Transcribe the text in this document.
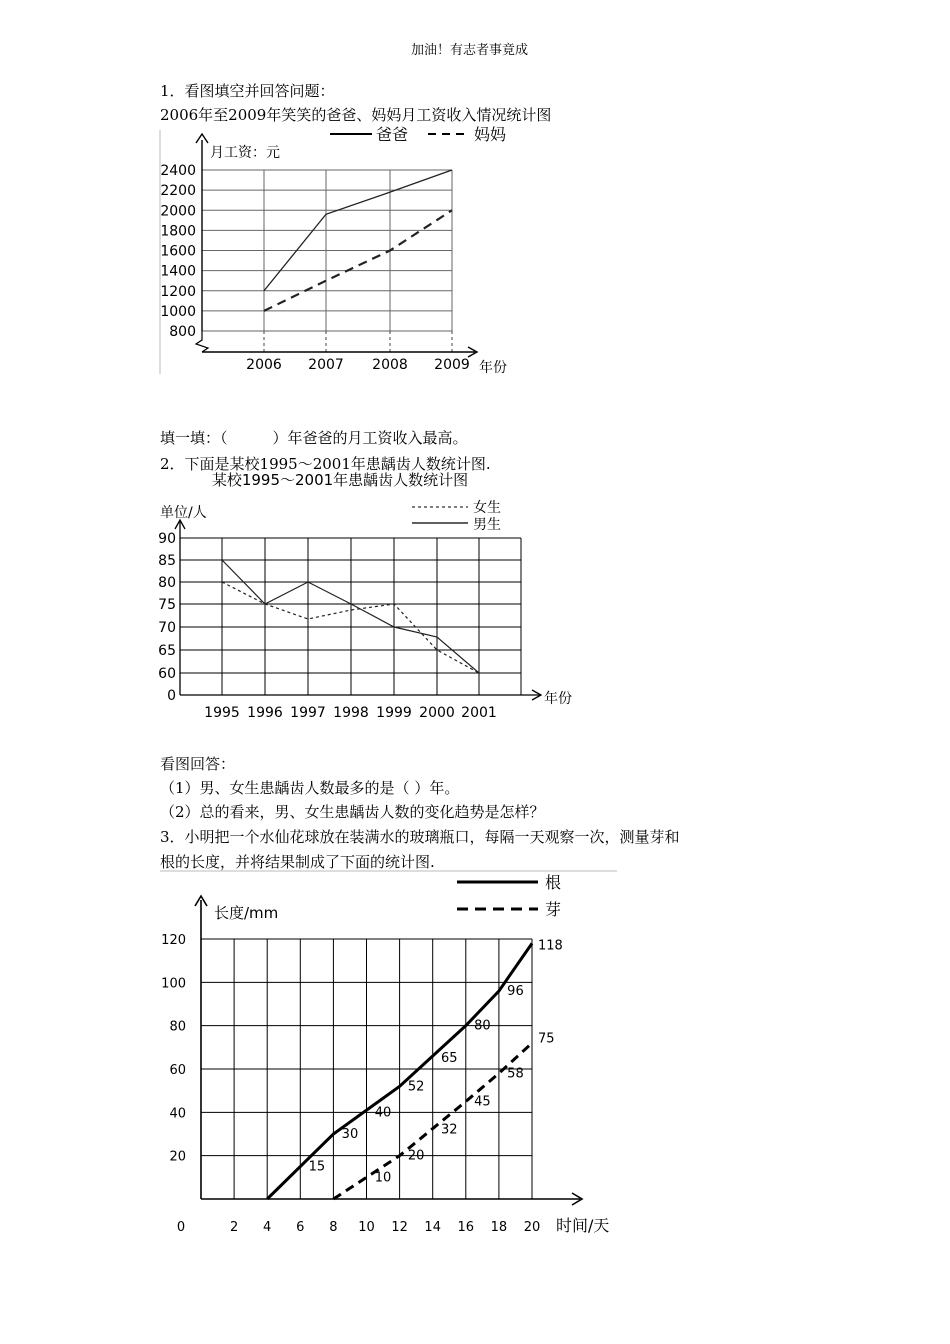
加油！有志者事竟成
1．看图填空并回答问题：
2006年至2009年笑笑的爸爸、妈妈月工资收入情况统计图
填一填：（　　　）年爸爸的月工资收入最高。
2．下面是某校1995～2001年患龋齿人数统计图.
看图回答：
（1）男、女生患龋齿人数最多的是（ ）年。
（2）总的看来，男、女生患龋齿人数的变化趋势是怎样？
3．小明把一个水仙花球放在装满水的玻璃瓶口，每隔一天观察一次，测量芽和
根的长度，并将结果制成了下面的统计图.
800
1000
1200
1400
1600
1800
2000
2200
2400
2006 2007 2008 2009
月工资：元
年份
爸爸	妈妈
某校1995～2001年患龋齿人数统计图
0
60
65
70
75
80
85
90
1995 1996 1997 1998 1999 2000 2001
单位/人
年份
女生
男生
20
40
60
80
100
120
0	2 4 6 8 10 12 14 16 18 20
长度/mm
时间/天
根
芽
15
30
40
52
65
80
96
118
10
20
32
45
58
75
